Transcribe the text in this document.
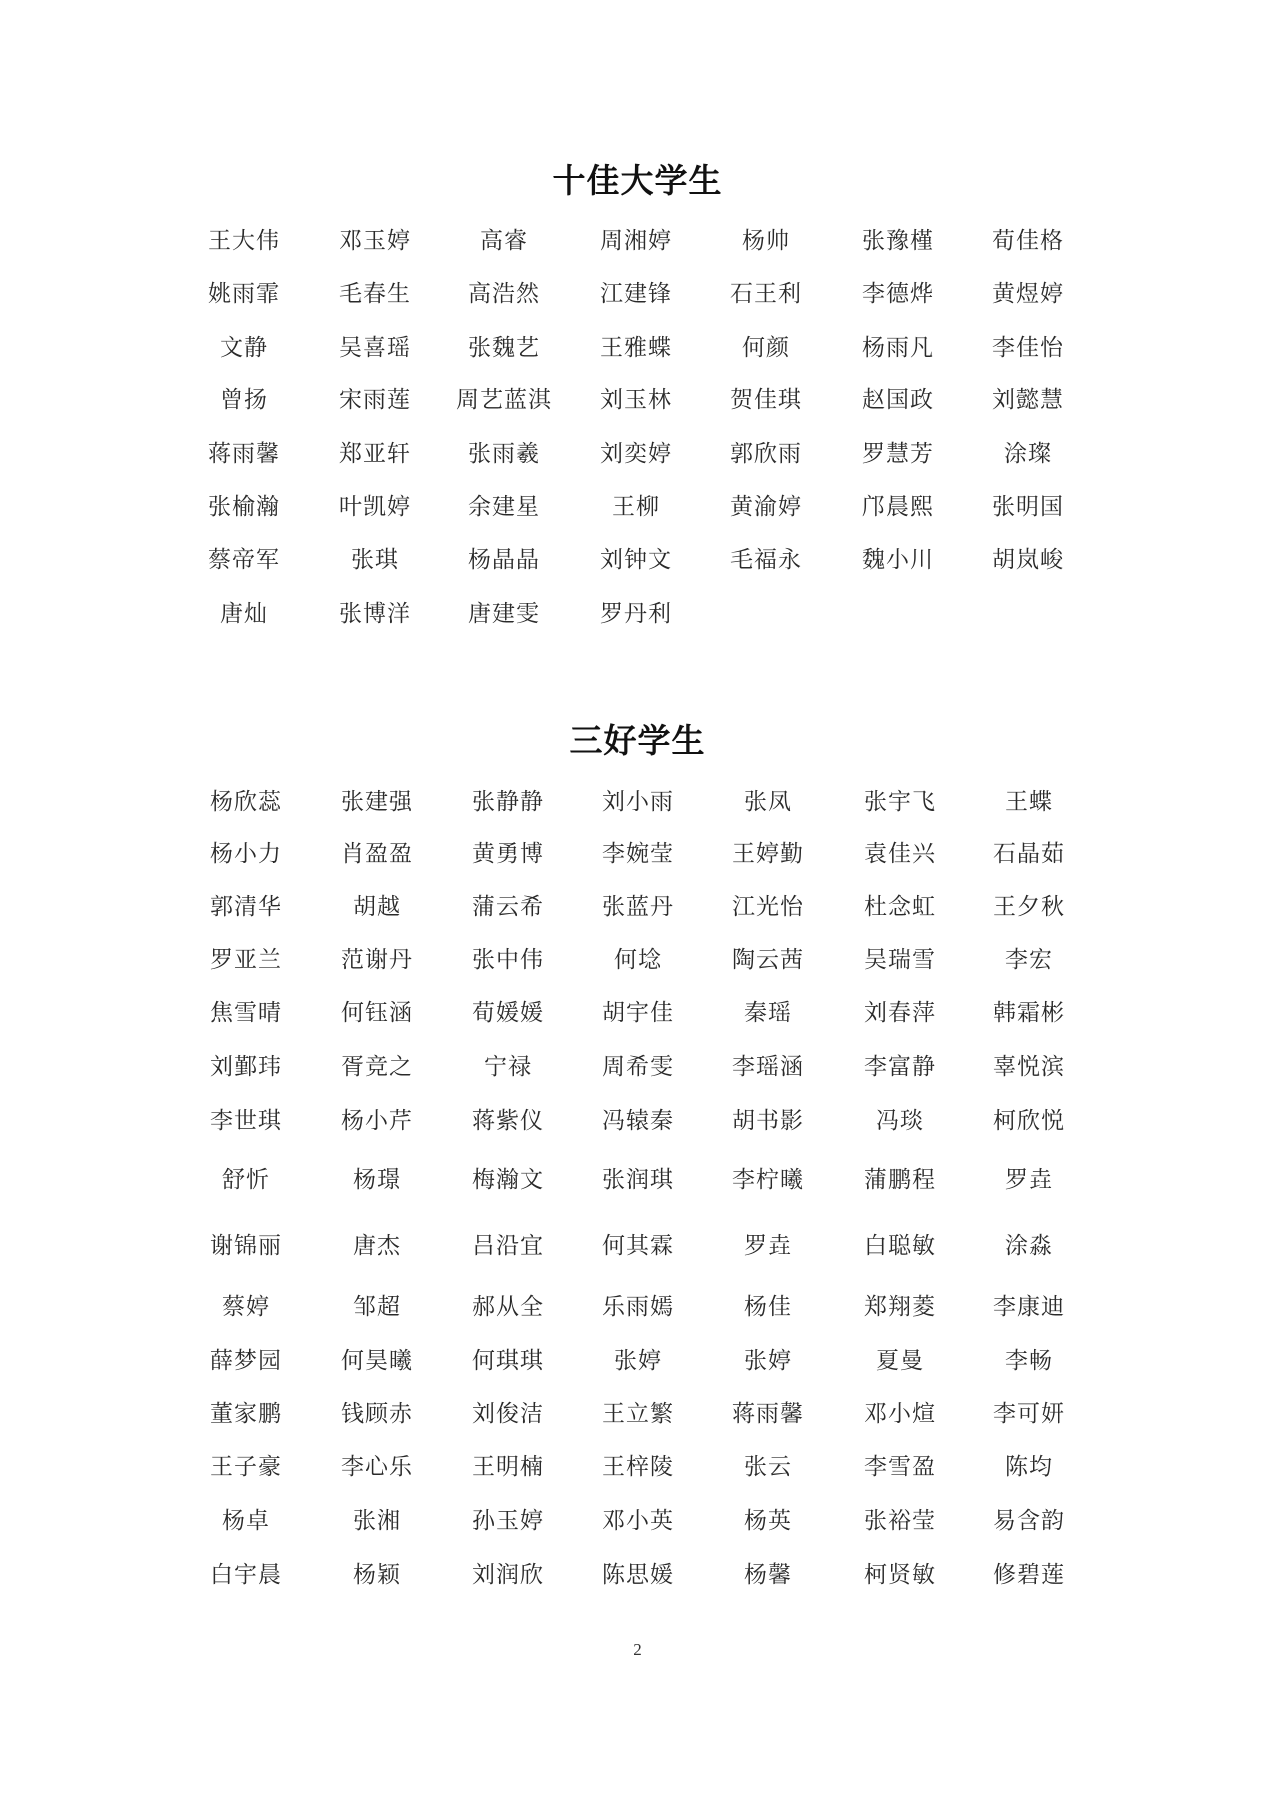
十佳大学生
王大伟	邓玉婷	高睿	周湘婷	杨帅	张豫槿	荀佳格
姚雨霏	毛春生	高浩然	江建锋	石王利	李德烨	黄煜婷
文静	吴喜瑶	张魏艺	王雅蝶	何颜	杨雨凡	李佳怡
曾扬	宋雨莲	周艺蓝淇	刘玉林	贺佳琪	赵国政	刘懿慧
蒋雨馨	郑亚轩	张雨羲	刘奕婷	郭欣雨	罗慧芳	涂璨
张榆瀚	叶凯婷	余建星	王柳	黄渝婷	邝晨熙	张明国
蔡帝军	张琪	杨晶晶	刘钟文	毛福永	魏小川	胡岚峻
唐灿	张博洋	唐建雯	罗丹利
三好学生
杨欣蕊	张建强	张静静	刘小雨	张凤	张宇飞	王蝶
杨小力	肖盈盈	黄勇博	李婉莹	王婷勤	袁佳兴	石晶茹
郭清华	胡越	蒲云希	张蓝丹	江光怡	杜念虹	王夕秋
罗亚兰	范谢丹	张中伟	何埝	陶云茜	吴瑞雪	李宏
焦雪晴	何钰涵	荀媛媛	胡宇佳	秦瑶	刘春萍	韩霜彬
刘鄞玮	胥竞之	宁禄	周希雯	李瑶涵	李富静	辜悦滨
李世琪	杨小芹	蒋紫仪	冯辕秦	胡书影	冯琰	柯欣悦
舒忻	杨璟	梅瀚文	张润琪	李柠曦	蒲鹏程	罗垚
谢锦丽	唐杰	吕沿宜	何其霖	罗垚	白聪敏	涂淼
蔡婷	邹超	郝从全	乐雨嫣	杨佳	郑翔菱	李康迪
薛梦园	何昊曦	何琪琪	张婷	张婷	夏曼	李畅
董家鹏	钱顾赤	刘俊洁	王立繁	蒋雨馨	邓小煊	李可妍
王子豪	李心乐	王明楠	王梓陵	张云	李雪盈	陈均
杨卓	张湘	孙玉婷	邓小英	杨英	张裕莹	易含韵
白宇晨	杨颖	刘润欣	陈思媛	杨馨	柯贤敏	修碧莲
2
